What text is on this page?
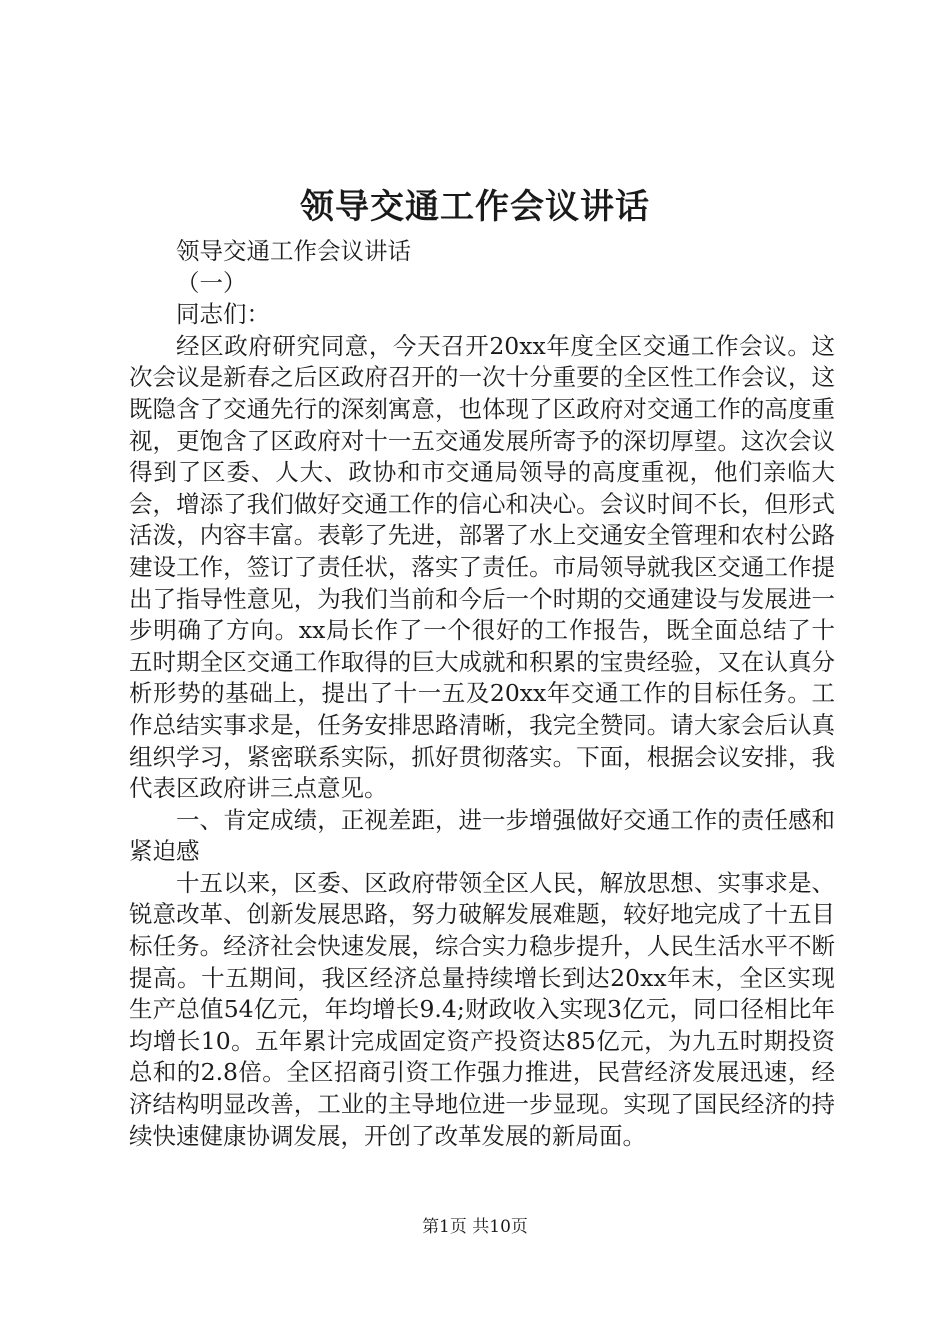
领导交通工作会议讲话

领导交通工作会议讲话

（一）

同志们：

经区政府研究同意，今天召开20xx年度全区交通工作会议。这次会议是新春之后区政府召开的一次十分重要的全区性工作会议，这既隐含了交通先行的深刻寓意，也体现了区政府对交通工作的高度重视，更饱含了区政府对十一五交通发展所寄予的深切厚望。这次会议得到了区委、人大、政协和市交通局领导的高度重视，他们亲临大会，增添了我们做好交通工作的信心和决心。会议时间不长，但形式活泼，内容丰富。表彰了先进，部署了水上交通安全管理和农村公路建设工作，签订了责任状，落实了责任。市局领导就我区交通工作提出了指导性意见，为我们当前和今后一个时期的交通建设与发展进一步明确了方向。xx局长作了一个很好的工作报告，既全面总结了十五时期全区交通工作取得的巨大成就和积累的宝贵经验，又在认真分析形势的基础上，提出了十一五及20xx年交通工作的目标任务。工作总结实事求是，任务安排思路清晰，我完全赞同。请大家会后认真组织学习，紧密联系实际，抓好贯彻落实。下面，根据会议安排，我代表区政府讲三点意见。

一、肯定成绩，正视差距，进一步增强做好交通工作的责任感和紧迫感

十五以来，区委、区政府带领全区人民，解放思想、实事求是、锐意改革、创新发展思路，努力破解发展难题，较好地完成了十五目标任务。经济社会快速发展，综合实力稳步提升，人民生活水平不断提高。十五期间，我区经济总量持续增长到达20xx年末，全区实现生产总值54亿元，年均增长9.4;财政收入实现3亿元，同口径相比年均增长10。五年累计完成固定资产投资达85亿元，为九五时期投资总和的2.8倍。全区招商引资工作强力推进，民营经济发展迅速，经济结构明显改善，工业的主导地位进一步显现。实现了国民经济的持续快速健康协调发展，开创了改革发展的新局面。

第1页 共10页
